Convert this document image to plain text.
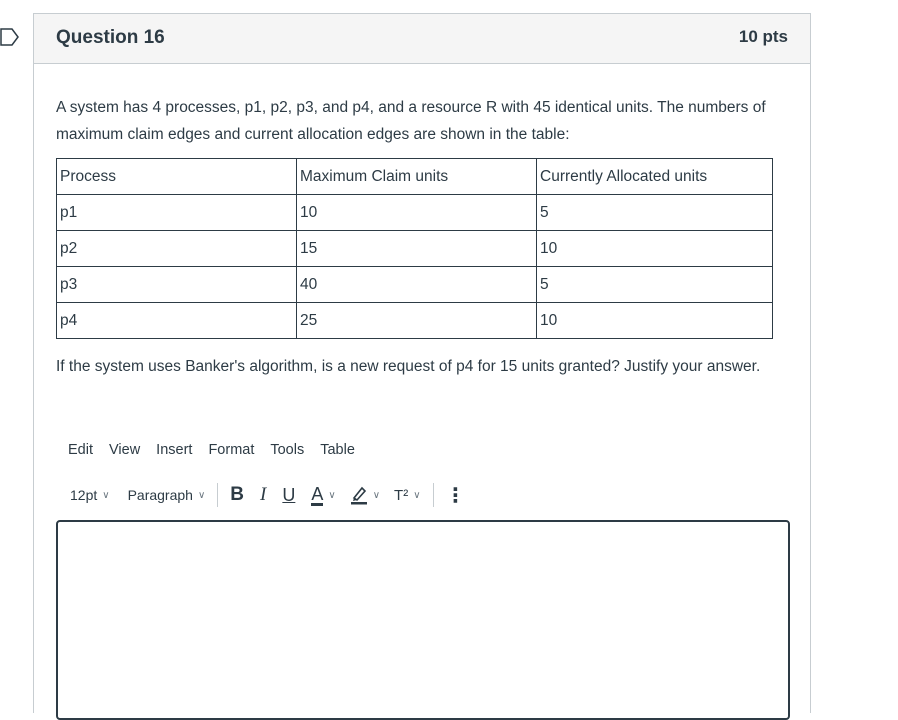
Question 16	10 pts
A system has 4 processes, p1, p2, p3, and p4, and a resource R with 45 identical units. The numbers of maximum claim edges and current allocation edges are shown in the table:
Process	Maximum Claim units	Currently Allocated units
p1	10	5
p2	15	10
p3	40	5
p4	25	10
If the system uses Banker's algorithm, is a new request of p4 for 15 units granted? Justify your answer.
Edit	View	Insert	Format	Tools	Table
12pt ∨ Paragraph ∨ B I U A ∨	∨ T² ∨ ⋮
